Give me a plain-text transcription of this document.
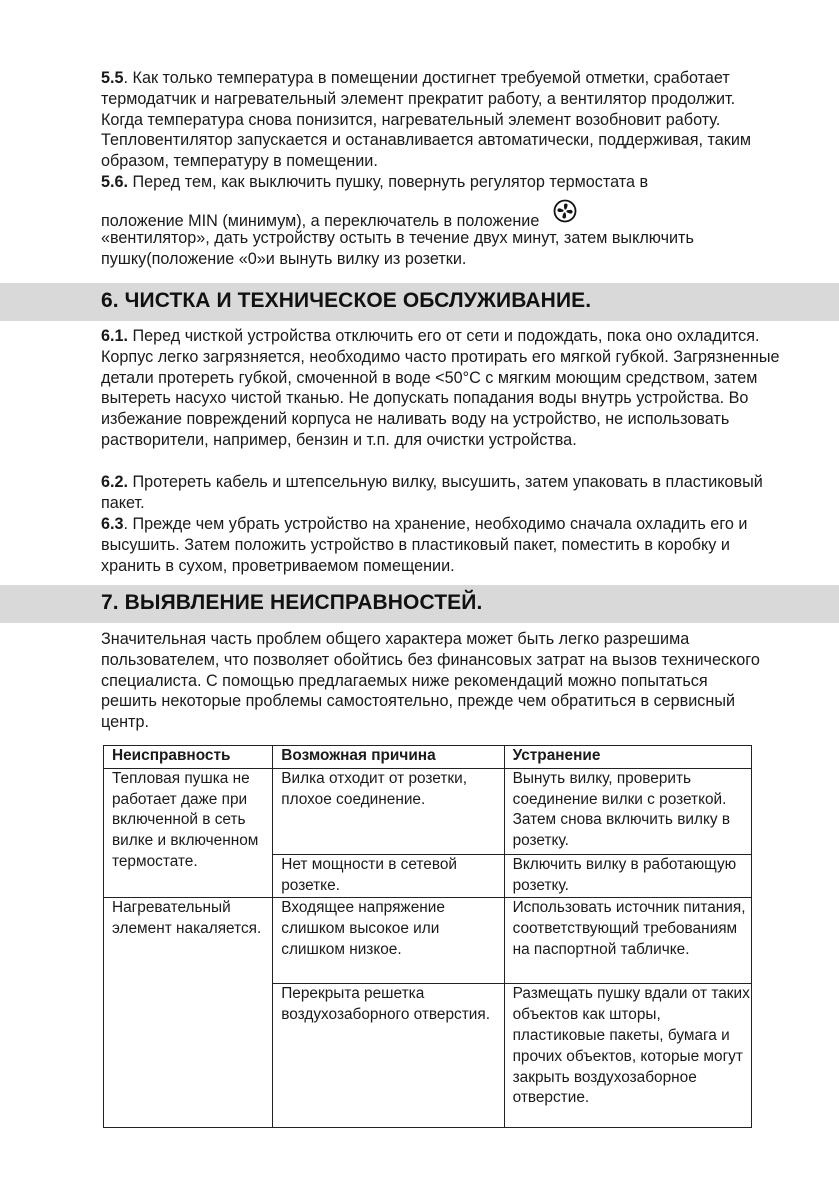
5.5. Как только температура в помещении достигнет требуемой отметки, сработает термодатчик и нагревательный элемент прекратит работу, а вентилятор продолжит. Когда температура снова понизится, нагревательный элемент возобновит работу. Тепловентилятор запускается и останавливается автоматически, поддерживая, таким образом, температуру в помещении.

5.6. Перед тем, как выключить пушку, повернуть регулятор термостата в

положение MIN (минимум), а переключатель в положение

«вентилятор», дать устройству остыть в течение двух минут, затем выключить пушку(положение «0»и вынуть вилку из розетки.

6. ЧИСТКА И ТЕХНИЧЕСКОЕ ОБСЛУЖИВАНИЕ.

6.1. Перед чисткой устройства отключить его от сети и подождать, пока оно охладится. Корпус легко загрязняется, необходимо часто протирать его мягкой губкой. Загрязненные детали протереть губкой, смоченной в воде <50°С с мягким моющим средством, затем вытереть насухо чистой тканью. Не допускать попадания воды внутрь устройства. Во избежание повреждений корпуса не наливать воду на устройство, не использовать растворители, например, бензин и т.п. для очистки устройства.

6.2. Протереть кабель и штепсельную вилку, высушить, затем упаковать в пластиковый пакет.

6.3. Прежде чем убрать устройство на хранение, необходимо сначала охладить его и высушить. Затем положить устройство в пластиковый пакет, поместить в коробку и хранить в сухом, проветриваемом помещении.

7. ВЫЯВЛЕНИЕ НЕИСПРАВНОСТЕЙ.

Значительная часть проблем общего характера может быть легко разрешима пользователем, что позволяет обойтись без финансовых затрат на вызов технического специалиста. С помощью предлагаемых ниже рекомендаций можно попытаться решить некоторые проблемы самостоятельно, прежде чем обратиться в сервисный центр.

Неисправность	Возможная причина	Устранение
Тепловая пушка не работает даже при включенной в сеть вилке и включенном термостате.	Вилка отходит от розетки, плохое соединение.	Вынуть вилку, проверить соединение вилки с розеткой. Затем снова включить вилку в розетку.
	Нет мощности в сетевой розетке.	Включить вилку в работающую розетку.
Нагревательный элемент накаляется.	Входящее напряжение слишком высокое или слишком низкое.	Использовать источник питания, соответствующий требованиям на паспортной табличке.
	Перекрыта решетка воздухозаборного отверстия.	Размещать пушку вдали от таких объектов как шторы, пластиковые пакеты, бумага и прочих объектов, которые могут закрыть воздухозаборное отверстие.
